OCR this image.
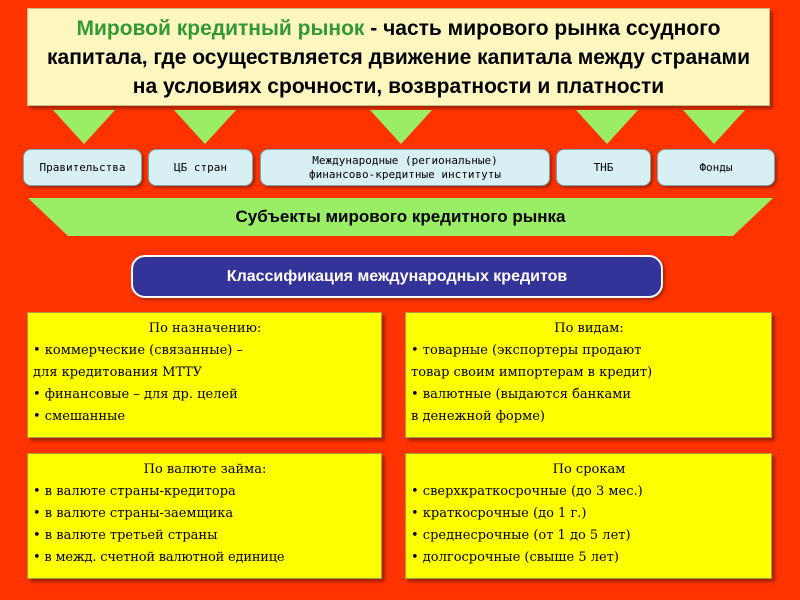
Мировой кредитный рынок - часть мирового рынка ссудного капитала, где осуществляется движение капитала между странами на условиях срочности, возвратности и платности
Правительства	ЦБ стран
Международные (региональные) финансово-кредитные институты
ТНБ	Фонды
Субъекты мирового кредитного рынка
Классификация международных кредитов
По назначению:
• коммерческие (связанные) –
для кредитования МТТУ
• финансовые – для др. целей
• смешанные
По видам:
• товарные (экспортеры продают
товар своим импортерам в кредит)
• валютные (выдаются банками
в денежной форме)
По валюте займа:
• в валюте страны-кредитора
• в валюте страны-заемщика
• в валюте третьей страны
• в межд. счетной валютной единице
По срокам
• сверхкраткосрочные (до 3 мес.)
• краткосрочные (до 1 г.)
• среднесрочные (от 1 до 5 лет)
• долгосрочные (свыше 5 лет)
